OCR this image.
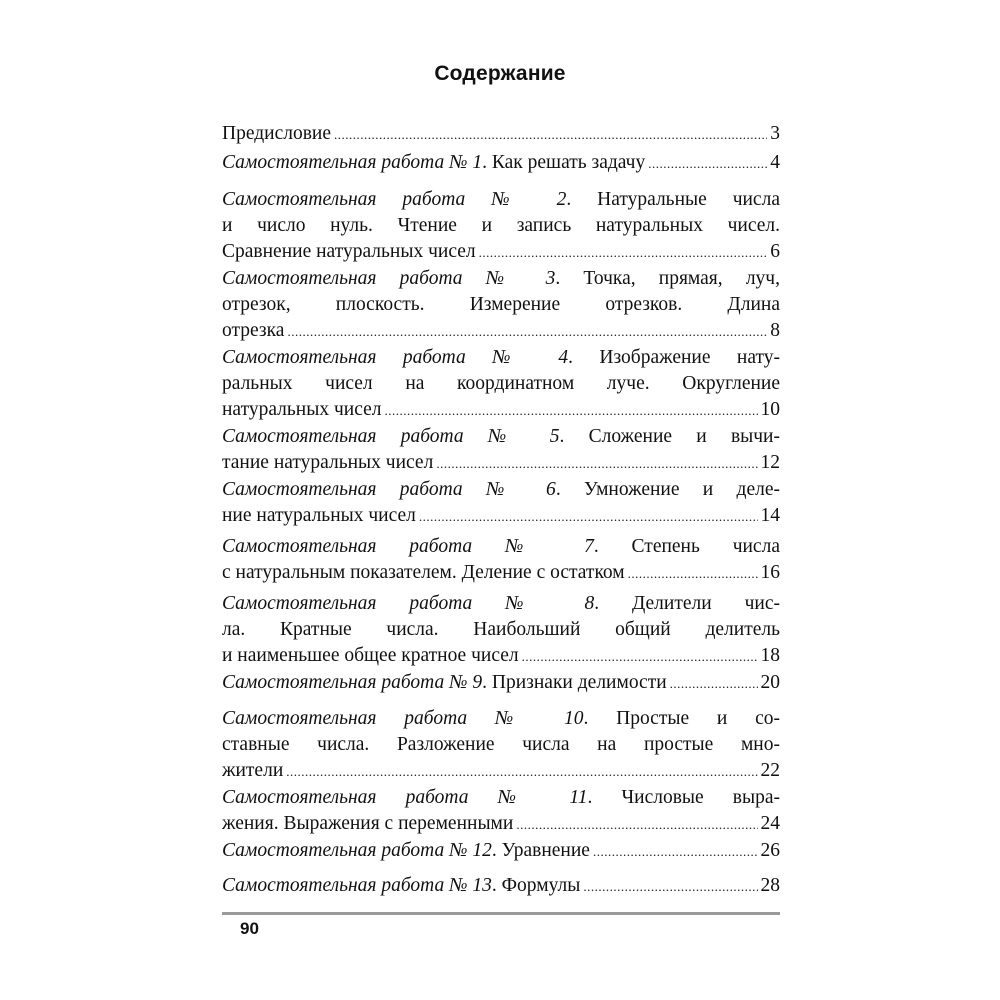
Содержание
Предисловие .....	3
Самостоятельная работа № 1 . Как решать задачу .....	4
Самостоятельная работа № 2. Натуральные числа
и число нуль. Чтение и запись натуральных чисел.
Сравнение натуральных чисел .....	6
Самостоятельная работа № 3. Точка, прямая, луч,
отрезок, плоскость. Измерение отрезков. Длина
отрезка .....	8
Самостоятельная работа № 4. Изображение нату-
ральных чисел на координатном луче. Округление
натуральных чисел .....	10
Самостоятельная работа № 5. Сложение и вычи-
тание натуральных чисел .....	12
Самостоятельная работа № 6. Умножение и деле-
ние натуральных чисел .....	14
Самостоятельная работа № 7. Степень числа
с натуральным показателем. Деление с остатком .....	16
Самостоятельная работа № 8. Делители чис-
ла. Кратные числа. Наибольший общий делитель
и наименьшее общее кратное чисел .....	18
Самостоятельная работа № 9 . Признаки делимости .....	20
Самостоятельная работа № 10. Простые и со-
ставные числа. Разложение числа на простые мно-
жители .....	22
Самостоятельная работа № 11. Числовые выра-
жения. Выражения с переменными .....	24
Самостоятельная работа № 12 . Уравнение .....	26
Самостоятельная работа № 13 . Формулы .....	28
90
